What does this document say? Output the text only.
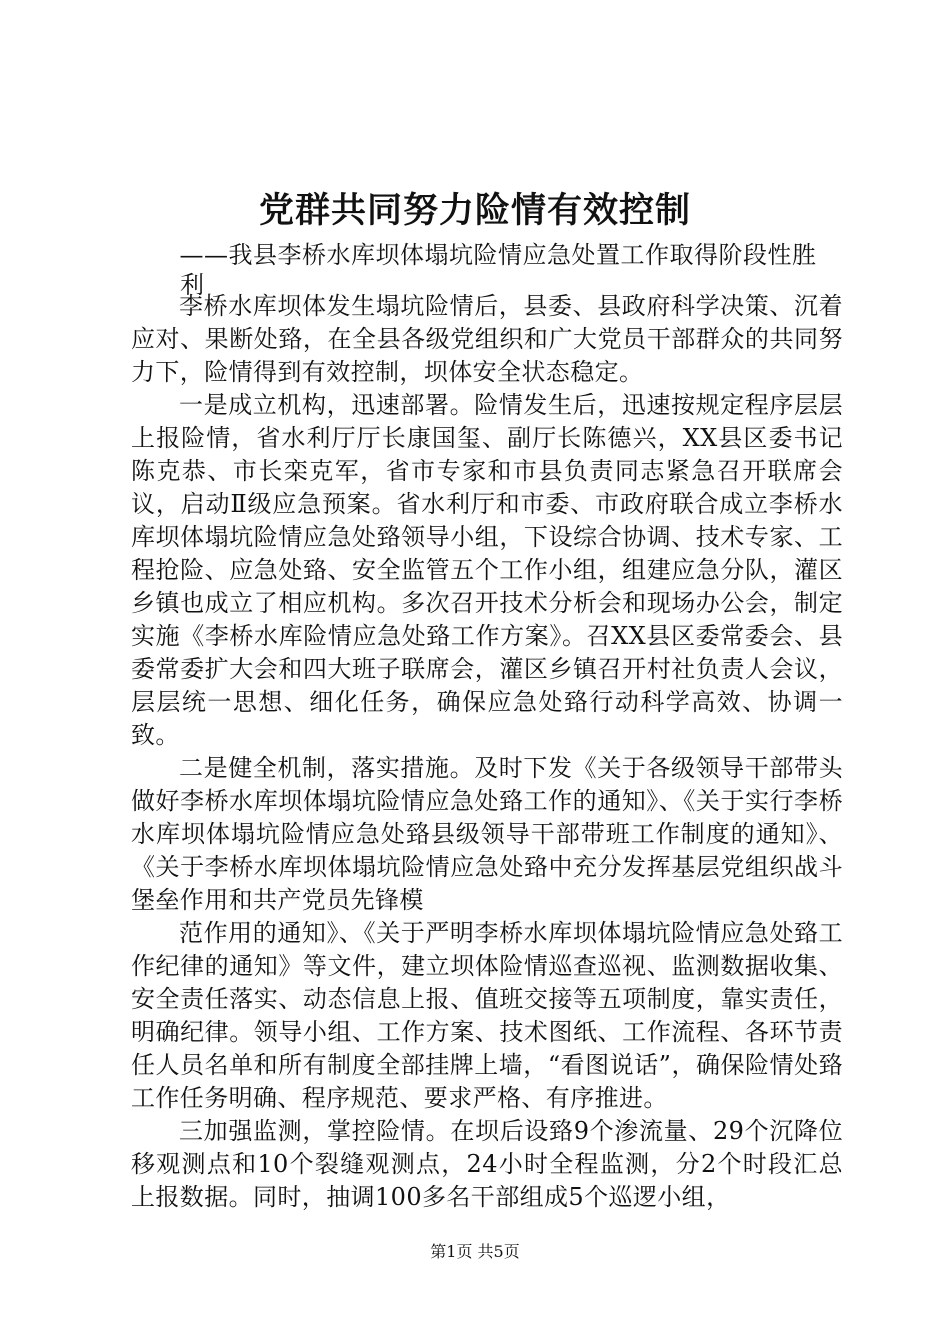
党群共同努力险情有效控制
——我县李桥水库坝体塌坑险情应急处置工作取得阶段性胜利

李桥水库坝体发生塌坑险情后，县委、县政府科学决策、沉着应对、果断处臵，在全县各级党组织和广大党员干部群众的共同努力下，险情得到有效控制，坝体安全状态稳定。

一是成立机构，迅速部署。险情发生后，迅速按规定程序层层上报险情，省水利厅厅长康国玺、副厅长陈德兴，XX县区委书记陈克恭、市长栾克军，省市专家和市县负责同志紧急召开联席会议，启动Ⅱ级应急预案。省水利厅和市委、市政府联合成立李桥水库坝体塌坑险情应急处臵领导小组，下设综合协调、技术专家、工程抢险、应急处臵、安全监管五个工作小组，组建应急分队，灌区乡镇也成立了相应机构。多次召开技术分析会和现场办公会，制定实施《李桥水库险情应急处臵工作方案》。召XX县区委常委会、县委常委扩大会和四大班子联席会，灌区乡镇召开村社负责人会议，层层统一思想、细化任务，确保应急处臵行动科学高效、协调一致。

二是健全机制，落实措施。及时下发《关于各级领导干部带头做好李桥水库坝体塌坑险情应急处臵工作的通知》、《关于实行李桥水库坝体塌坑险情应急处臵县级领导干部带班工作制度的通知》、《关于李桥水库坝体塌坑险情应急处臵中充分发挥基层党组织战斗堡垒作用和共产党员先锋模

范作用的通知》、《关于严明李桥水库坝体塌坑险情应急处臵工作纪律的通知》等文件，建立坝体险情巡查巡视、监测数据收集、安全责任落实、动态信息上报、值班交接等五项制度，靠实责任，明确纪律。领导小组、工作方案、技术图纸、工作流程、各环节责任人员名单和所有制度全部挂牌上墙，“看图说话”，确保险情处臵工作任务明确、程序规范、要求严格、有序推进。

三加强监测，掌控险情。在坝后设臵9个渗流量、29个沉降位移观测点和10个裂缝观测点，24小时全程监测，分2个时段汇总上报数据。同时，抽调100多名干部组成5个巡逻小组，

第1页 共5页
